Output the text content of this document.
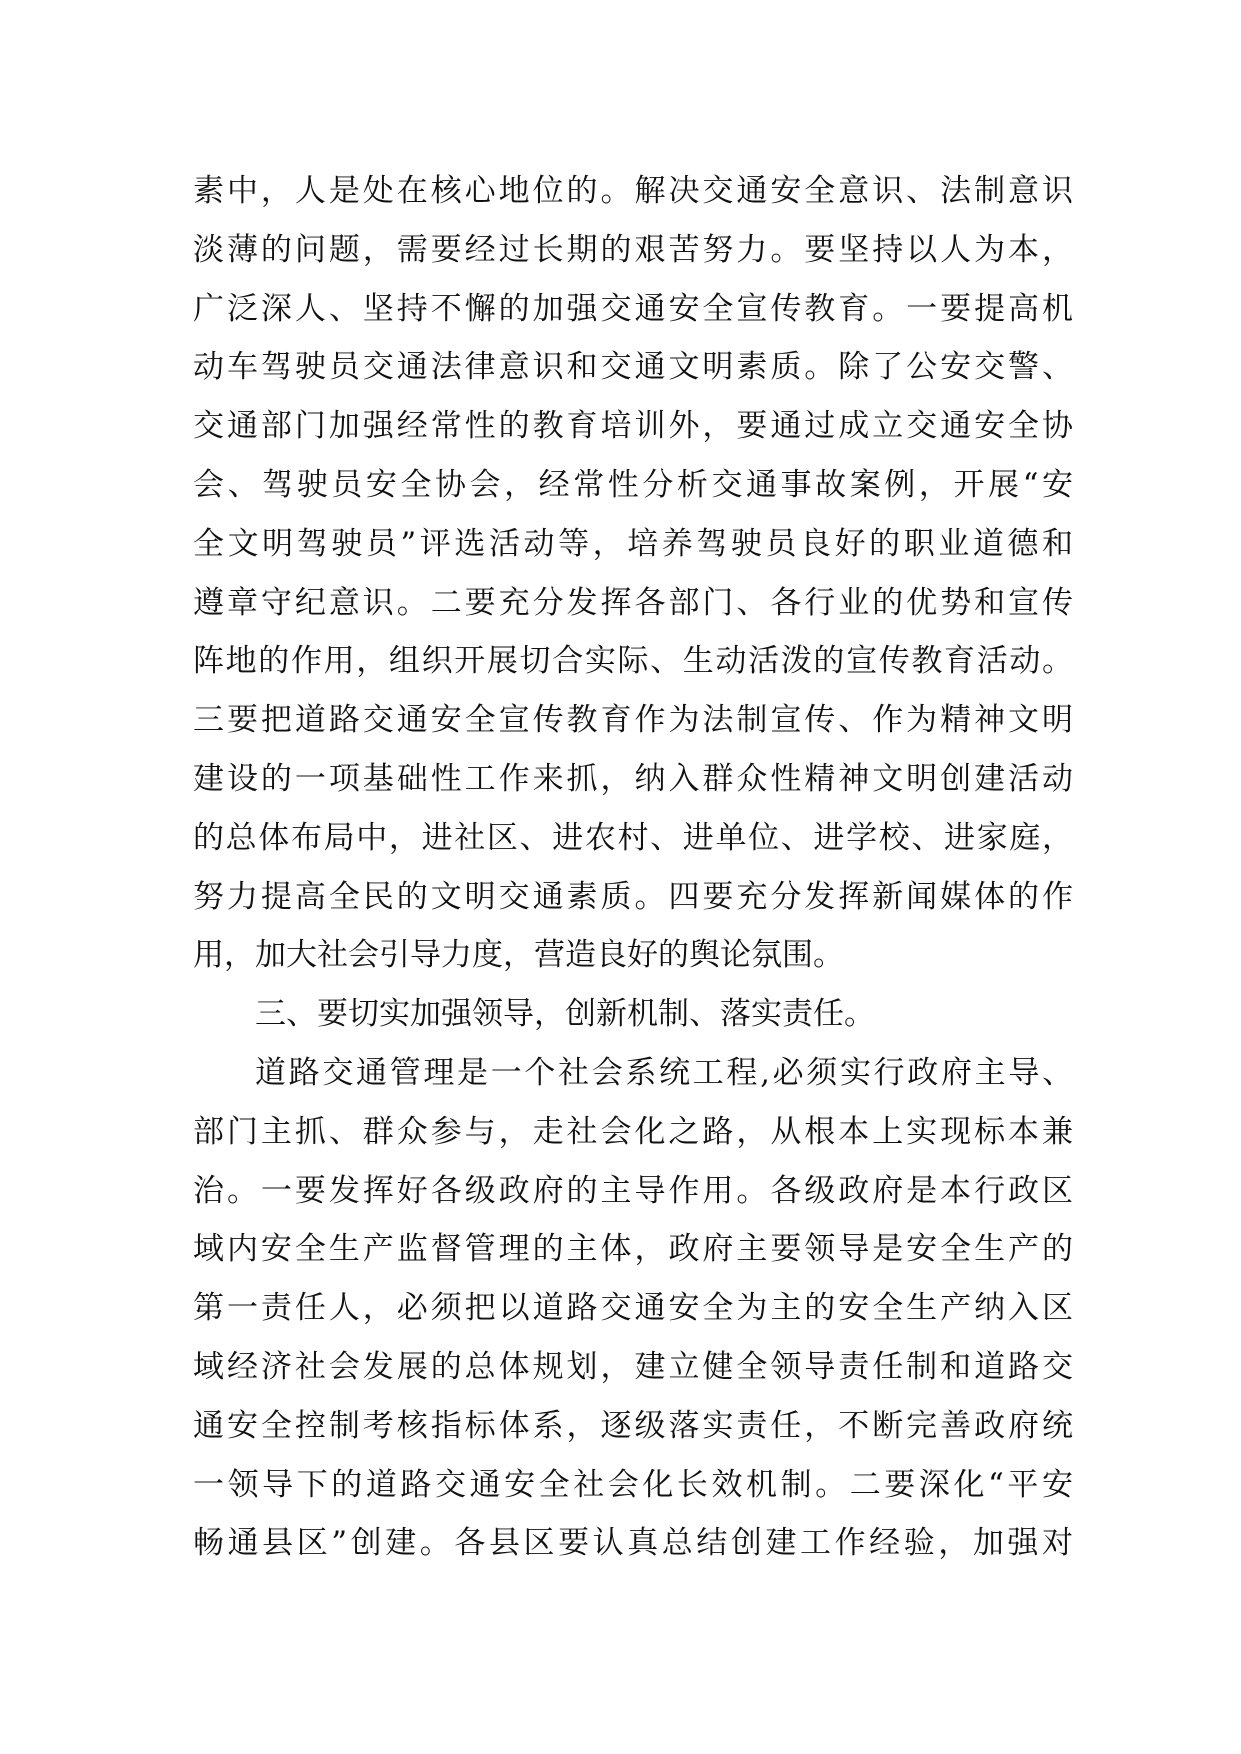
素中，人是处在核心地位的。解决交通安全意识、法制意识
淡薄的问题，需要经过长期的艰苦努力。要坚持以人为本，
广泛深人、坚持不懈的加强交通安全宣传教育。一要提高机
动车驾驶员交通法律意识和交通文明素质。除了公安交警、
交通部门加强经常性的教育培训外，要通过成立交通安全协
会、驾驶员安全协会，经常性分析交通事故案例，开展“安
全文明驾驶员”评选活动等，培养驾驶员良好的职业道德和
遵章守纪意识。二要充分发挥各部门、各行业的优势和宣传
阵地的作用，组织开展切合实际、生动活泼的宣传教育活动。
三要把道路交通安全宣传教育作为法制宣传、作为精神文明
建设的一项基础性工作来抓，纳入群众性精神文明创建活动
的总体布局中，进社区、进农村、进单位、进学校、进家庭，
努力提高全民的文明交通素质。四要充分发挥新闻媒体的作
用，加大社会引导力度，营造良好的舆论氛围。
三、要切实加强领导，创新机制、落实责任。
道路交通管理是一个社会系统工程,必须实行政府主导、
部门主抓、群众参与，走社会化之路，从根本上实现标本兼
治。一要发挥好各级政府的主导作用。各级政府是本行政区
域内安全生产监督管理的主体，政府主要领导是安全生产的
第一责任人，必须把以道路交通安全为主的安全生产纳入区
域经济社会发展的总体规划，建立健全领导责任制和道路交
通安全控制考核指标体系，逐级落实责任，不断完善政府统
一领导下的道路交通安全社会化长效机制。二要深化“平安
畅通县区”创建。各县区要认真总结创建工作经验，加强对
